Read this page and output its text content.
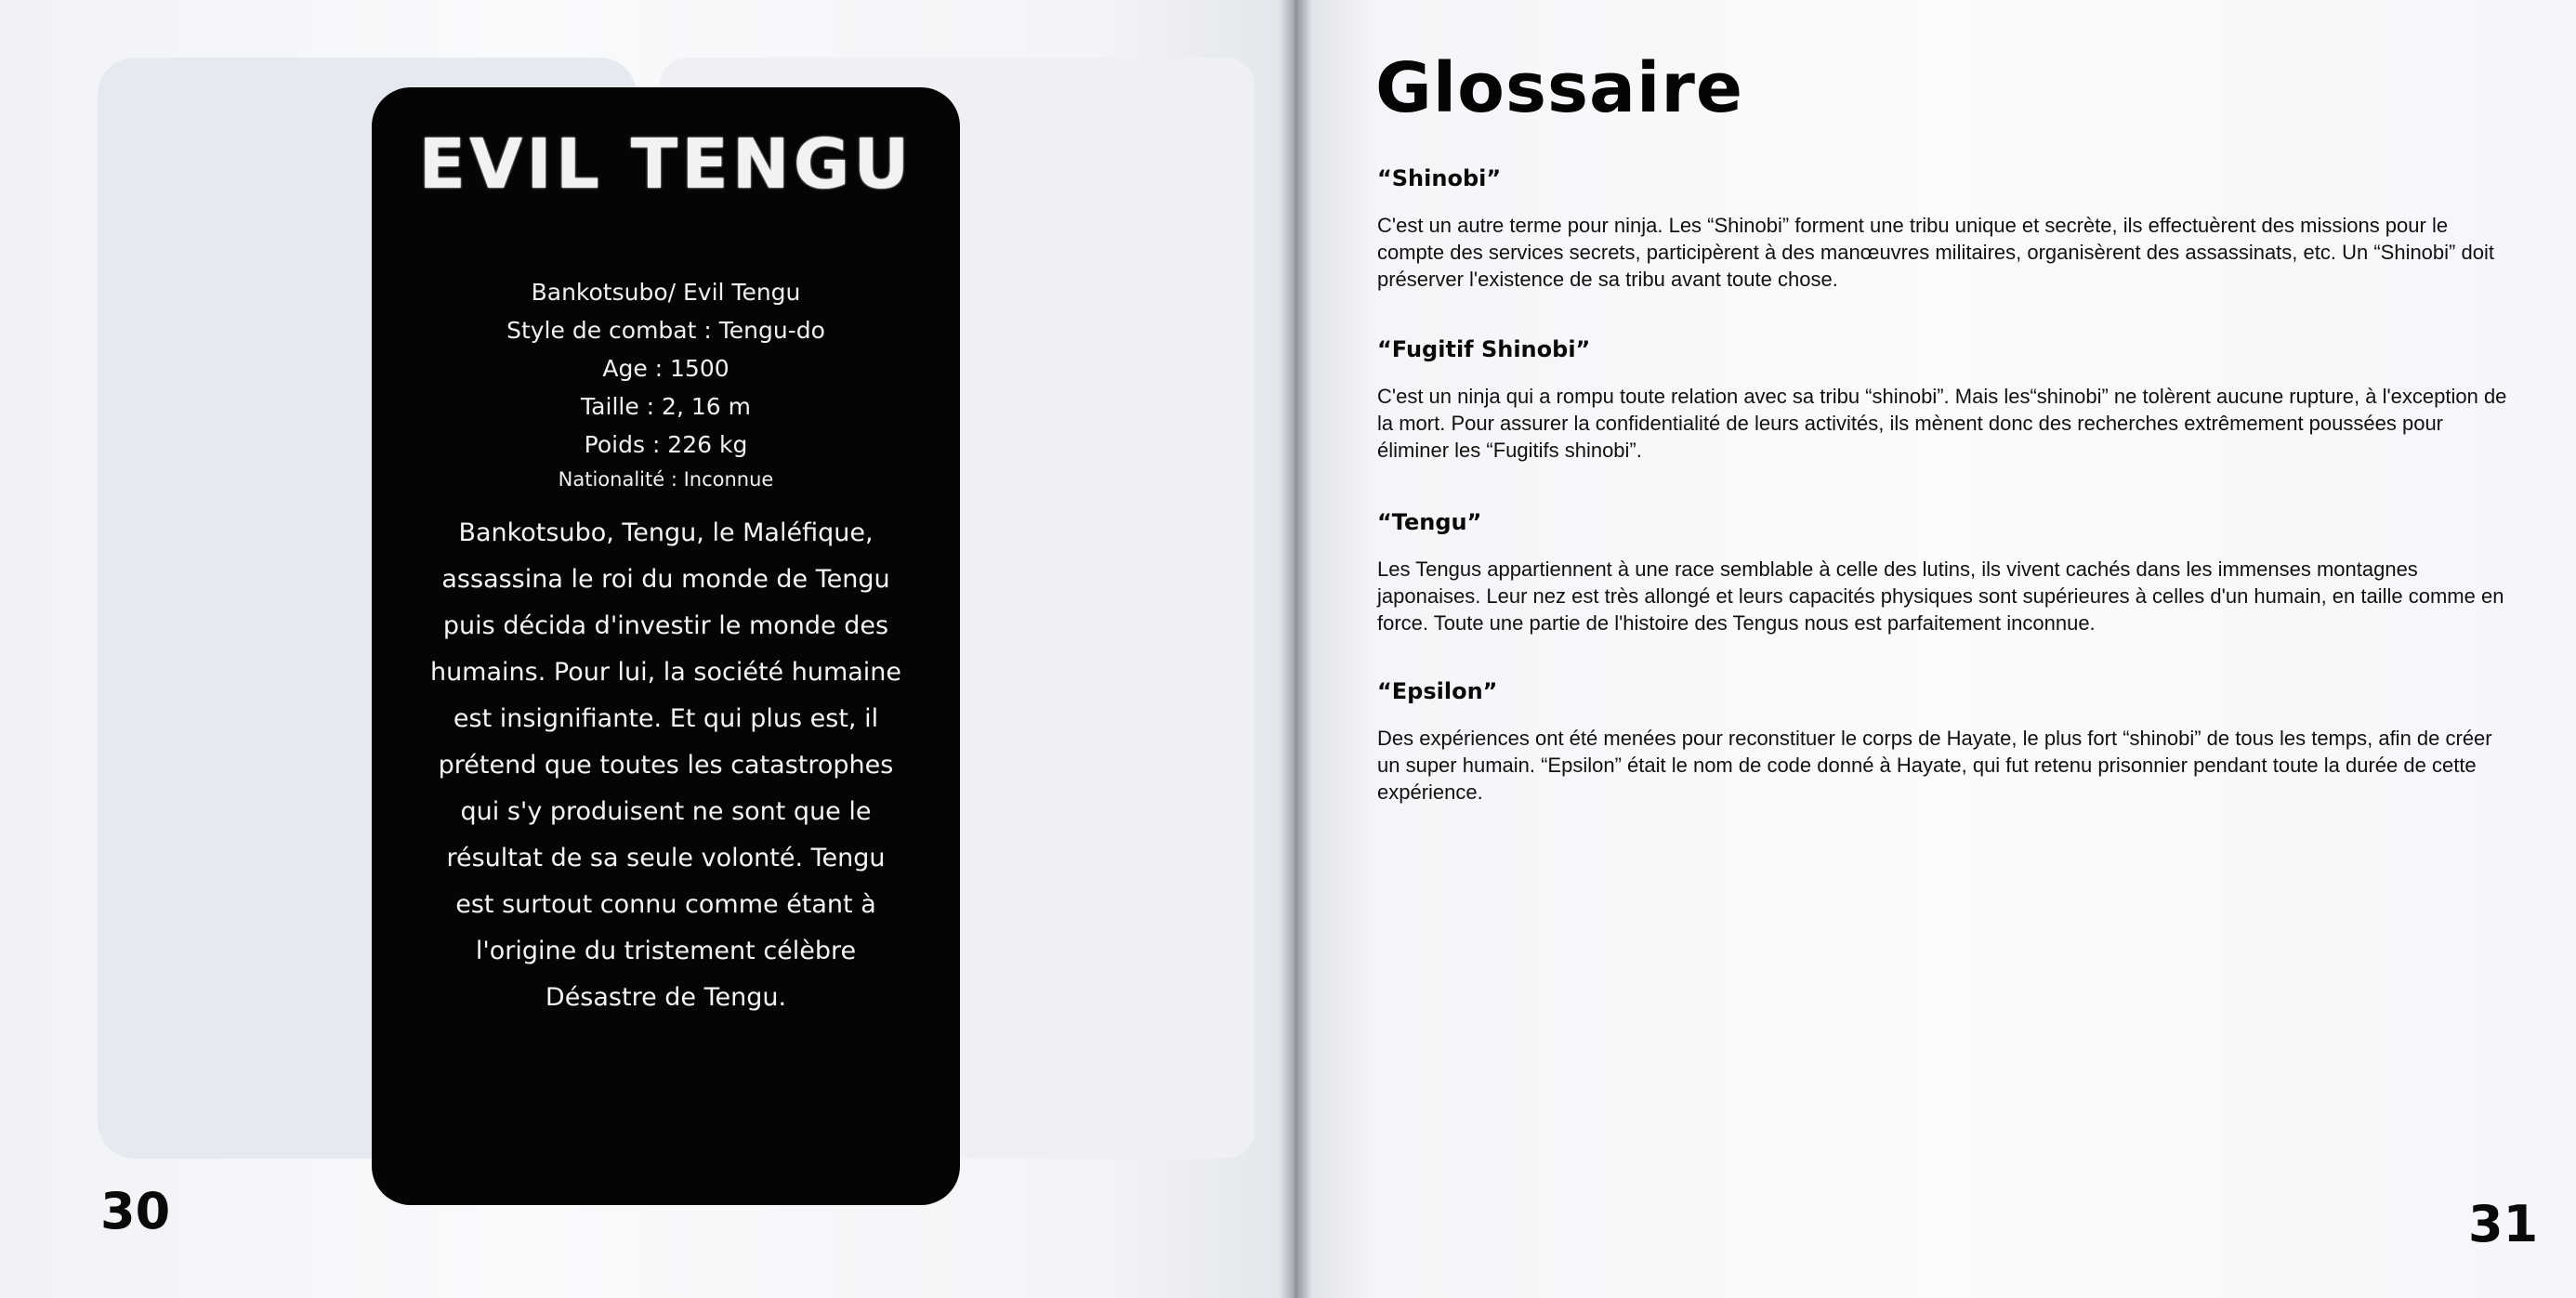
EVIL TENGU
Bankotsubo/ Evil Tengu
Style de combat : Tengu-do
Age : 1500
Taille : 2, 16 m
Poids : 226 kg
Nationalité : Inconnue
Bankotsubo, Tengu, le Maléfique, assassina le roi du monde de Tengu puis décida d'investir le monde des humains. Pour lui, la société humaine est insignifiante. Et qui plus est, il prétend que toutes les catastrophes qui s'y produisent ne sont que le résultat de sa seule volonté. Tengu est surtout connu comme étant à l'origine du tristement célèbre Désastre de Tengu.
30
Glossaire

“Shinobi”

C'est un autre terme pour ninja. Les “Shinobi” forment une tribu unique et secrète, ils effectuèrent des missions pour le compte des services secrets, participèrent à des manœuvres militaires, organisèrent des assassinats, etc. Un “Shinobi” doit préserver l'existence de sa tribu avant toute chose.

“Fugitif Shinobi”

C'est un ninja qui a rompu toute relation avec sa tribu “shinobi”. Mais les“shinobi” ne tolèrent aucune rupture, à l'exception de la mort. Pour assurer la confidentialité de leurs activités, ils mènent donc des recherches extrêmement poussées pour éliminer les “Fugitifs shinobi”.

“Tengu”

Les Tengus appartiennent à une race semblable à celle des lutins, ils vivent cachés dans les immenses montagnes japonaises. Leur nez est très allongé et leurs capacités physiques sont supérieures à celles d'un humain, en taille comme en force. Toute une partie de l'histoire des Tengus nous est parfaitement inconnue.

“Epsilon”

Des expériences ont été menées pour reconstituer le corps de Hayate, le plus fort “shinobi” de tous les temps, afin de créer un super humain. “Epsilon” était le nom de code donné à Hayate, qui fut retenu prisonnier pendant toute la durée de cette expérience.

31
